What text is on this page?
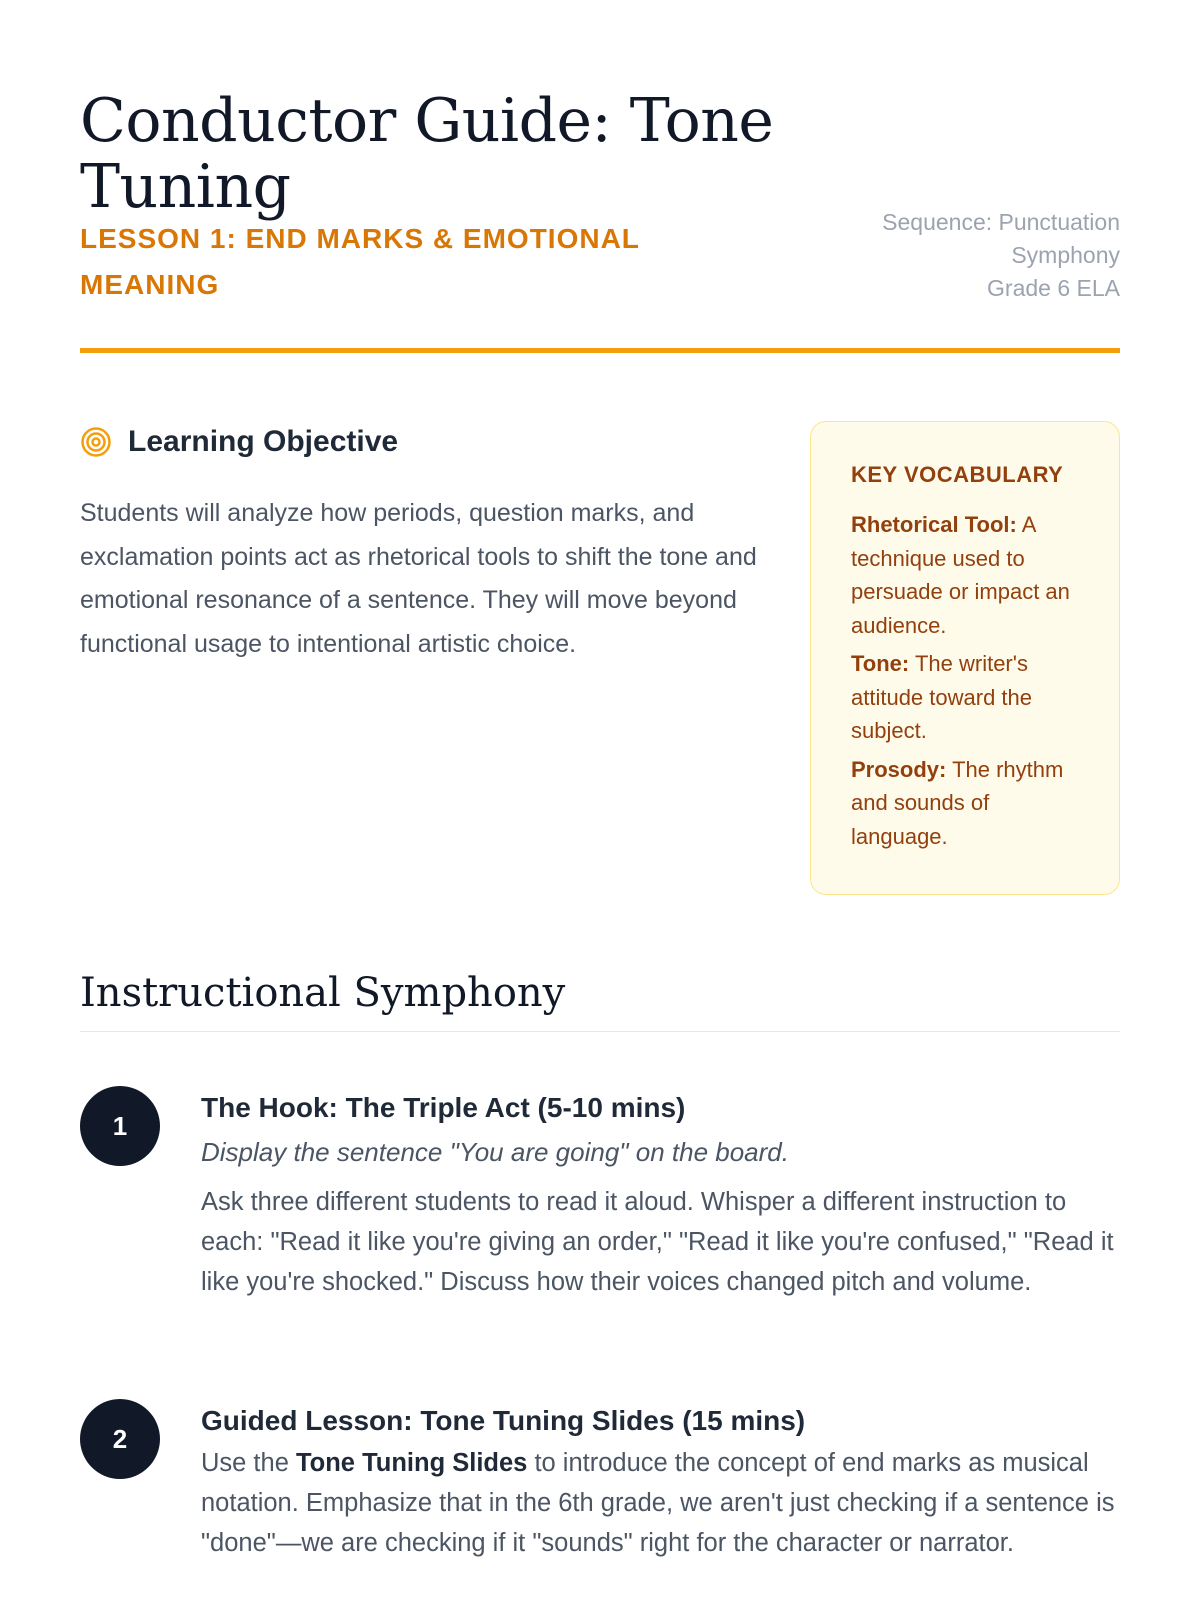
Conductor Guide: Tone Tuning
LESSON 1: END MARKS & EMOTIONAL MEANING
Sequence: Punctuation Symphony
Grade 6 ELA
Learning Objective

Students will analyze how periods, question marks, and exclamation points act as rhetorical tools to shift the tone and emotional resonance of a sentence. They will move beyond functional usage to intentional artistic choice.

KEY VOCABULARY
Rhetorical Tool: A technique used to persuade or impact an audience.
Tone: The writer's attitude toward the subject.
Prosody: The rhythm and sounds of language.
Instructional Symphony
1
The Hook: The Triple Act (5-10 mins)
Display the sentence "You are going" on the board.
Ask three different students to read it aloud. Whisper a different instruction to each: "Read it like you're giving an order," "Read it like you're confused," "Read it like you're shocked." Discuss how their voices changed pitch and volume.
2
Guided Lesson: Tone Tuning Slides (15 mins)
Use the Tone Tuning Slides to introduce the concept of end marks as musical notation. Emphasize that in the 6th grade, we aren't just checking if a sentence is "done"—we are checking if it "sounds" right for the character or narrator.
